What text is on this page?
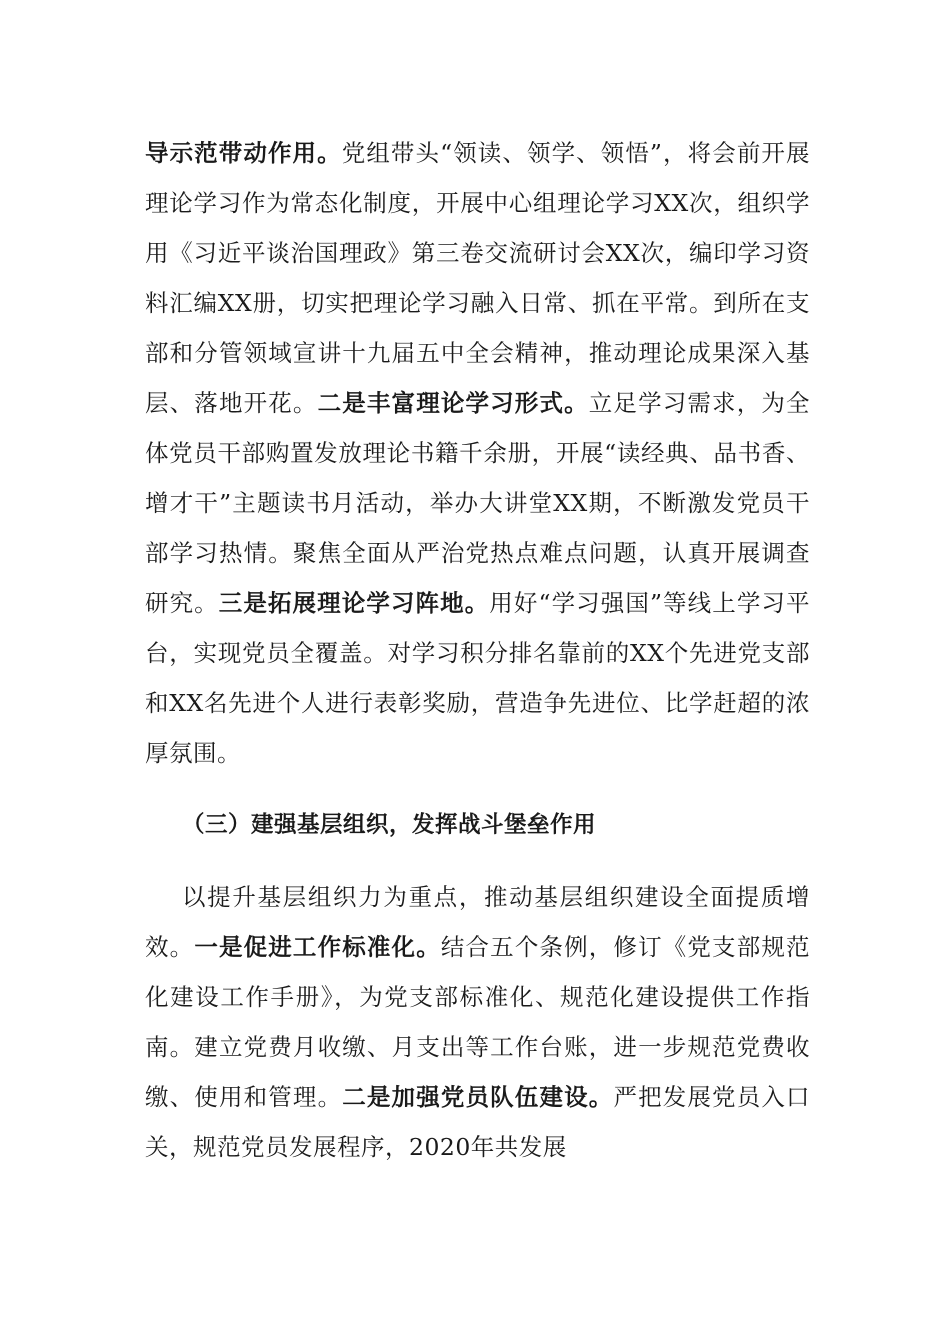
导示范带动作用。党组带头“领读、领学、领悟”，将会前开展理论学习作为常态化制度，开展中心组理论学习XX次，组织学用《习近平谈治国理政》第三卷交流研讨会XX次，编印学习资料汇编XX册，切实把理论学习融入日常、抓在平常。到所在支部和分管领域宣讲十九届五中全会精神，推动理论成果深入基层、落地开花。二是丰富理论学习形式。立足学习需求，为全体党员干部购置发放理论书籍千余册，开展“读经典、品书香、增才干”主题读书月活动，举办大讲堂XX期，不断激发党员干部学习热情。聚焦全面从严治党热点难点问题，认真开展调查研究。三是拓展理论学习阵地。用好“学习强国”等线上学习平台，实现党员全覆盖。对学习积分排名靠前的XX个先进党支部和XX名先进个人进行表彰奖励，营造争先进位、比学赶超的浓厚氛围。

（三）建强基层组织，发挥战斗堡垒作用

以提升基层组织力为重点，推动基层组织建设全面提质增效。一是促进工作标准化。结合五个条例，修订《党支部规范化建设工作手册》，为党支部标准化、规范化建设提供工作指南。建立党费月收缴、月支出等工作台账，进一步规范党费收缴、使用和管理。二是加强党员队伍建设。严把发展党员入口关，规范党员发展程序，2020年共发展
